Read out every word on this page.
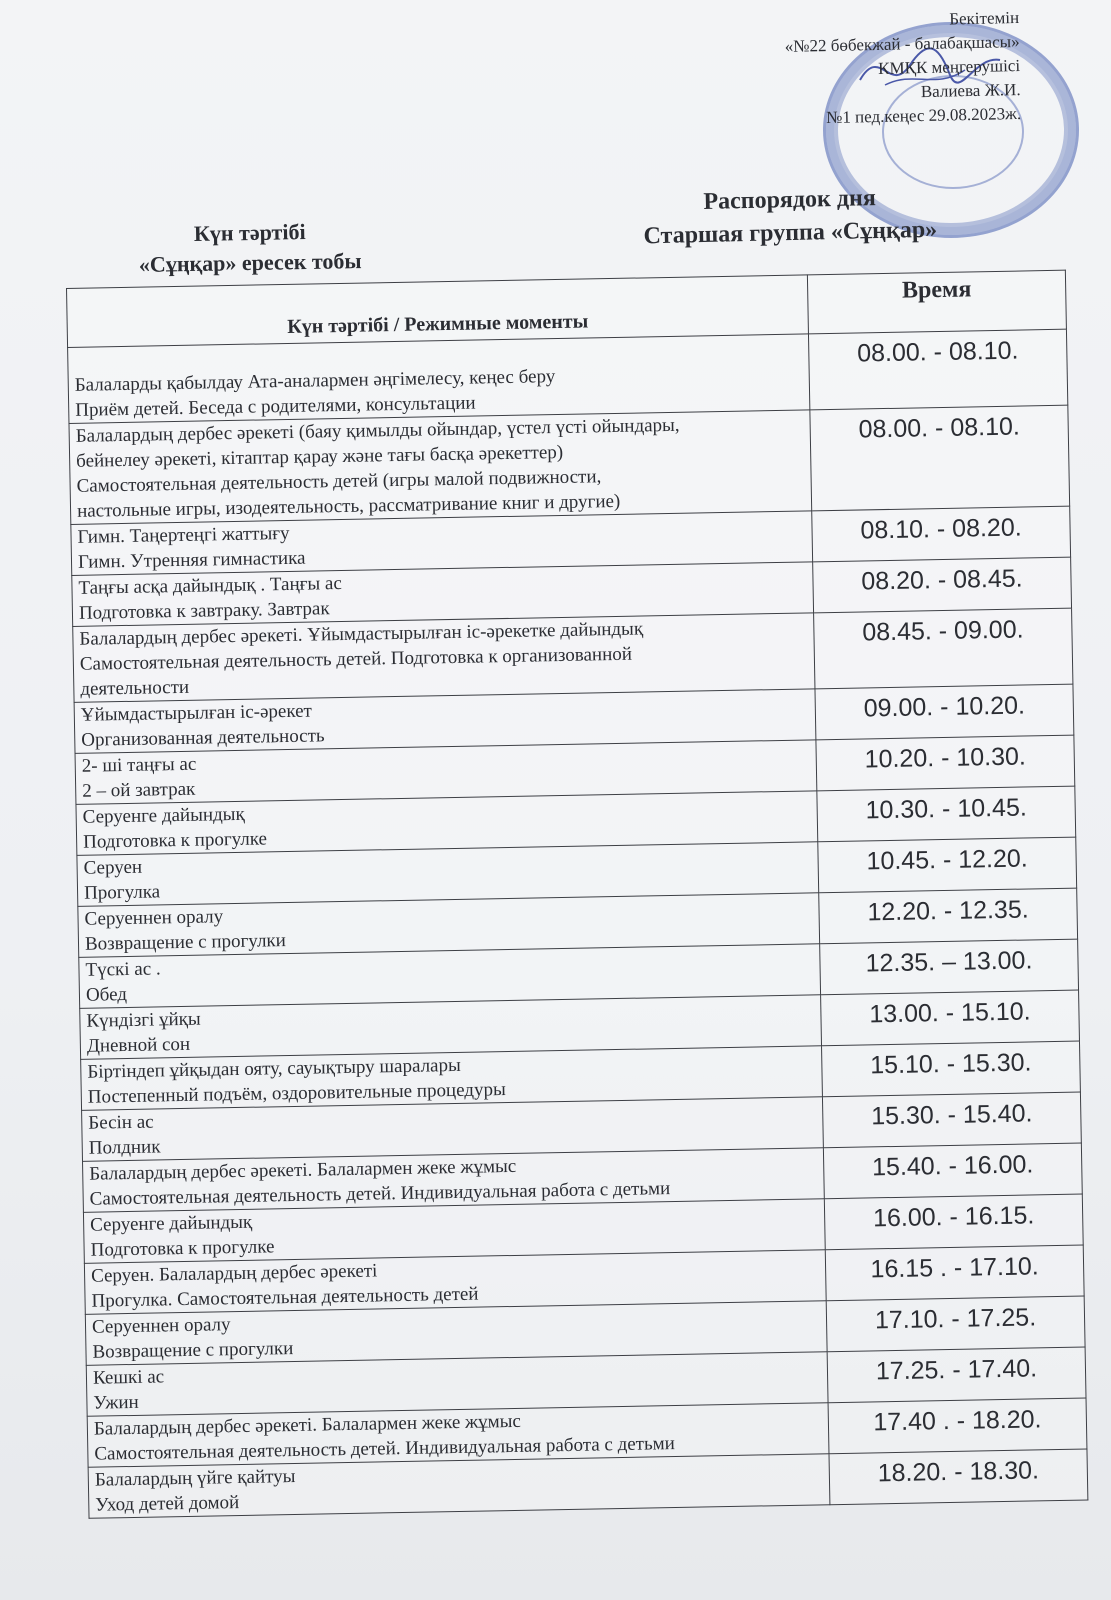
Бекітемін
«№22 бөбекжай - балабақшасы»
КМҚК меңгерушісі
Валиева Ж.И.
№1 пед.кеңес 29.08.2023ж.
Күн тәртібі
«Сұңқар» ересек тобы
Распорядок дня
Старшая группа «Сұңқар»
Күн тәртібі / Режимные моменты	Время

Балаларды қабылдау Ата-аналармен әңгімелесу, кеңес беру
Приём детей. Беседа с родителями, консультации	08.00. - 08.10.

Балалардың дербес әрекеті (баяу қимылды ойындар, үстел үсті ойындары,
бейнелеу әрекеті, кітаптар қарау және тағы басқа әрекеттер)
Самостоятельная деятельность детей (игры малой подвижности,
настольные игры, изодеятельность, рассматривание книг и другие)	08.00. - 08.10.

Гимн. Таңертеңгі жаттығу
Гимн. Утренняя гимнастика	08.10. - 08.20.

Таңғы асқа дайындық . Таңғы ас
Подготовка к завтраку. Завтрак	08.20. - 08.45.

Балалардың дербес әрекеті. Ұйымдастырылған іс-әрекетке дайындық
Самостоятельная деятельность детей. Подготовка к организованной
деятельности	08.45. - 09.00.

Ұйымдастырылған іс-әрекет
Организованная деятельность	09.00. - 10.20.

2- ші таңғы ас
2 – ой завтрак	10.20. - 10.30.

Серуенге дайындық
Подготовка к прогулке	10.30. - 10.45.

Серуен
Прогулка	10.45. - 12.20.

Серуеннен оралу
Возвращение с прогулки	12.20. - 12.35.

Түскі ас .
Обед	12.35. – 13.00.

Күндізгі ұйқы
Дневной сон	13.00. - 15.10.

Біртіндеп ұйқыдан ояту, сауықтыру шаралары
Постепенный подъём, оздоровительные процедуры	15.10. - 15.30.

Бесін ас
Полдник	15.30. - 15.40.

Балалардың дербес әрекеті. Балалармен жеке жұмыс
Самостоятельная деятельность детей. Индивидуальная работа с детьми	15.40. - 16.00.

Серуенге дайындық
Подготовка к прогулке	16.00. - 16.15.

Серуен. Балалардың дербес әрекеті
Прогулка. Самостоятельная деятельность детей	16.15 . - 17.10.

Серуеннен оралу
Возвращение с прогулки	17.10. - 17.25.

Кешкі ас
Ужин	17.25. - 17.40.

Балалардың дербес әрекеті. Балалармен жеке жұмыс
Самостоятельная деятельность детей. Индивидуальная работа с детьми	17.40 . - 18.20.

Балалардың үйге қайтуы
Уход детей домой	18.20. - 18.30.
